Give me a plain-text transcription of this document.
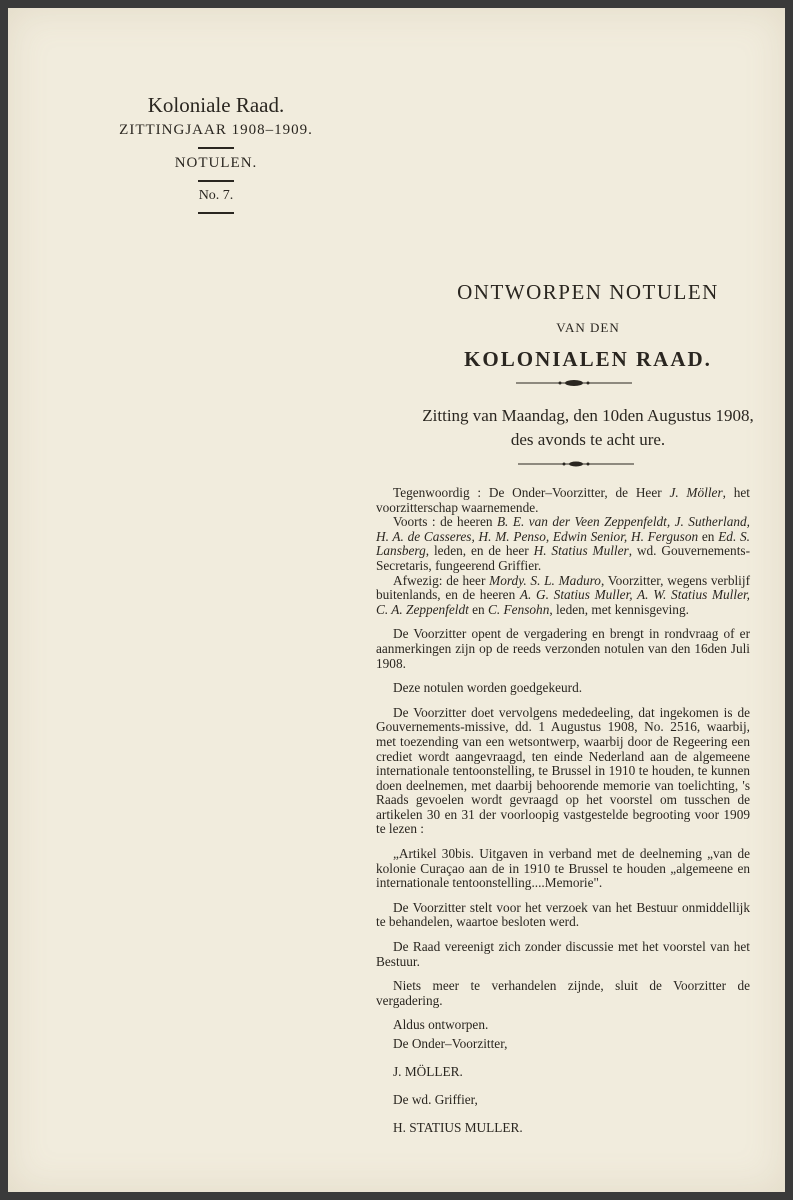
Koloniale Raad.

ZITTINGJAAR 1908–1909.

NOTULEN.
No. 7.
ONTWORPEN NOTULEN
VAN DEN
KOLONIALEN RAAD.
Zitting van Maandag, den 10den Augustus 1908,
des avonds te acht ure.

Tegenwoordig : De Onder–Voorzitter, de Heer J. Möller, het voorzitterschap waarnemende.

Voorts : de heeren B. E. van der Veen Zeppenfeldt, J. Sutherland, H. A. de Casseres, H. M. Penso, Edwin Senior, H. Ferguson en Ed. S. Lansberg, leden, en de heer H. Statius Muller, wd. Gouvernements-Secretaris, fungeerend Griffier.

Afwezig: de heer Mordy. S. L. Maduro, Voorzitter, wegens verblijf buitenlands, en de heeren A. G. Statius Muller, A. W. Statius Muller, C. A. Zeppenfeldt en C. Fensohn, leden, met kennisgeving.

De Voorzitter opent de vergadering en brengt in rondvraag of er aanmerkingen zijn op de reeds verzonden notulen van den 16den Juli 1908.

Deze notulen worden goedgekeurd.

De Voorzitter doet vervolgens mededeeling, dat ingekomen is de Gouvernements-missive, dd. 1 Augustus 1908, No. 2516, waarbij, met toezending van een wetsontwerp, waarbij door de Regeering een crediet wordt aangevraagd, ten einde Nederland aan de algemeene internationale tentoonstelling, te Brussel in 1910 te houden, te kunnen doen deelnemen, met daarbij behoorende memorie van toelichting, 's Raads gevoelen wordt gevraagd op het voorstel om tusschen de artikelen 30 en 31 der voorloopig vastgestelde begrooting voor 1909 te lezen :

„Artikel 30bis. Uitgaven in verband met de deelneming „van de kolonie Curaçao aan de in 1910 te Brussel te houden „algemeene en internationale tentoonstelling....Memorie".

De Voorzitter stelt voor het verzoek van het Bestuur onmiddellijk te behandelen, waartoe besloten werd.

De Raad vereenigt zich zonder discussie met het voorstel van het Bestuur.

Niets meer te verhandelen zijnde, sluit de Voorzitter de vergadering.

Aldus ontworpen.

De Onder–Voorzitter,

J. MÖLLER.

De wd. Griffier,

H. STATIUS MULLER.
